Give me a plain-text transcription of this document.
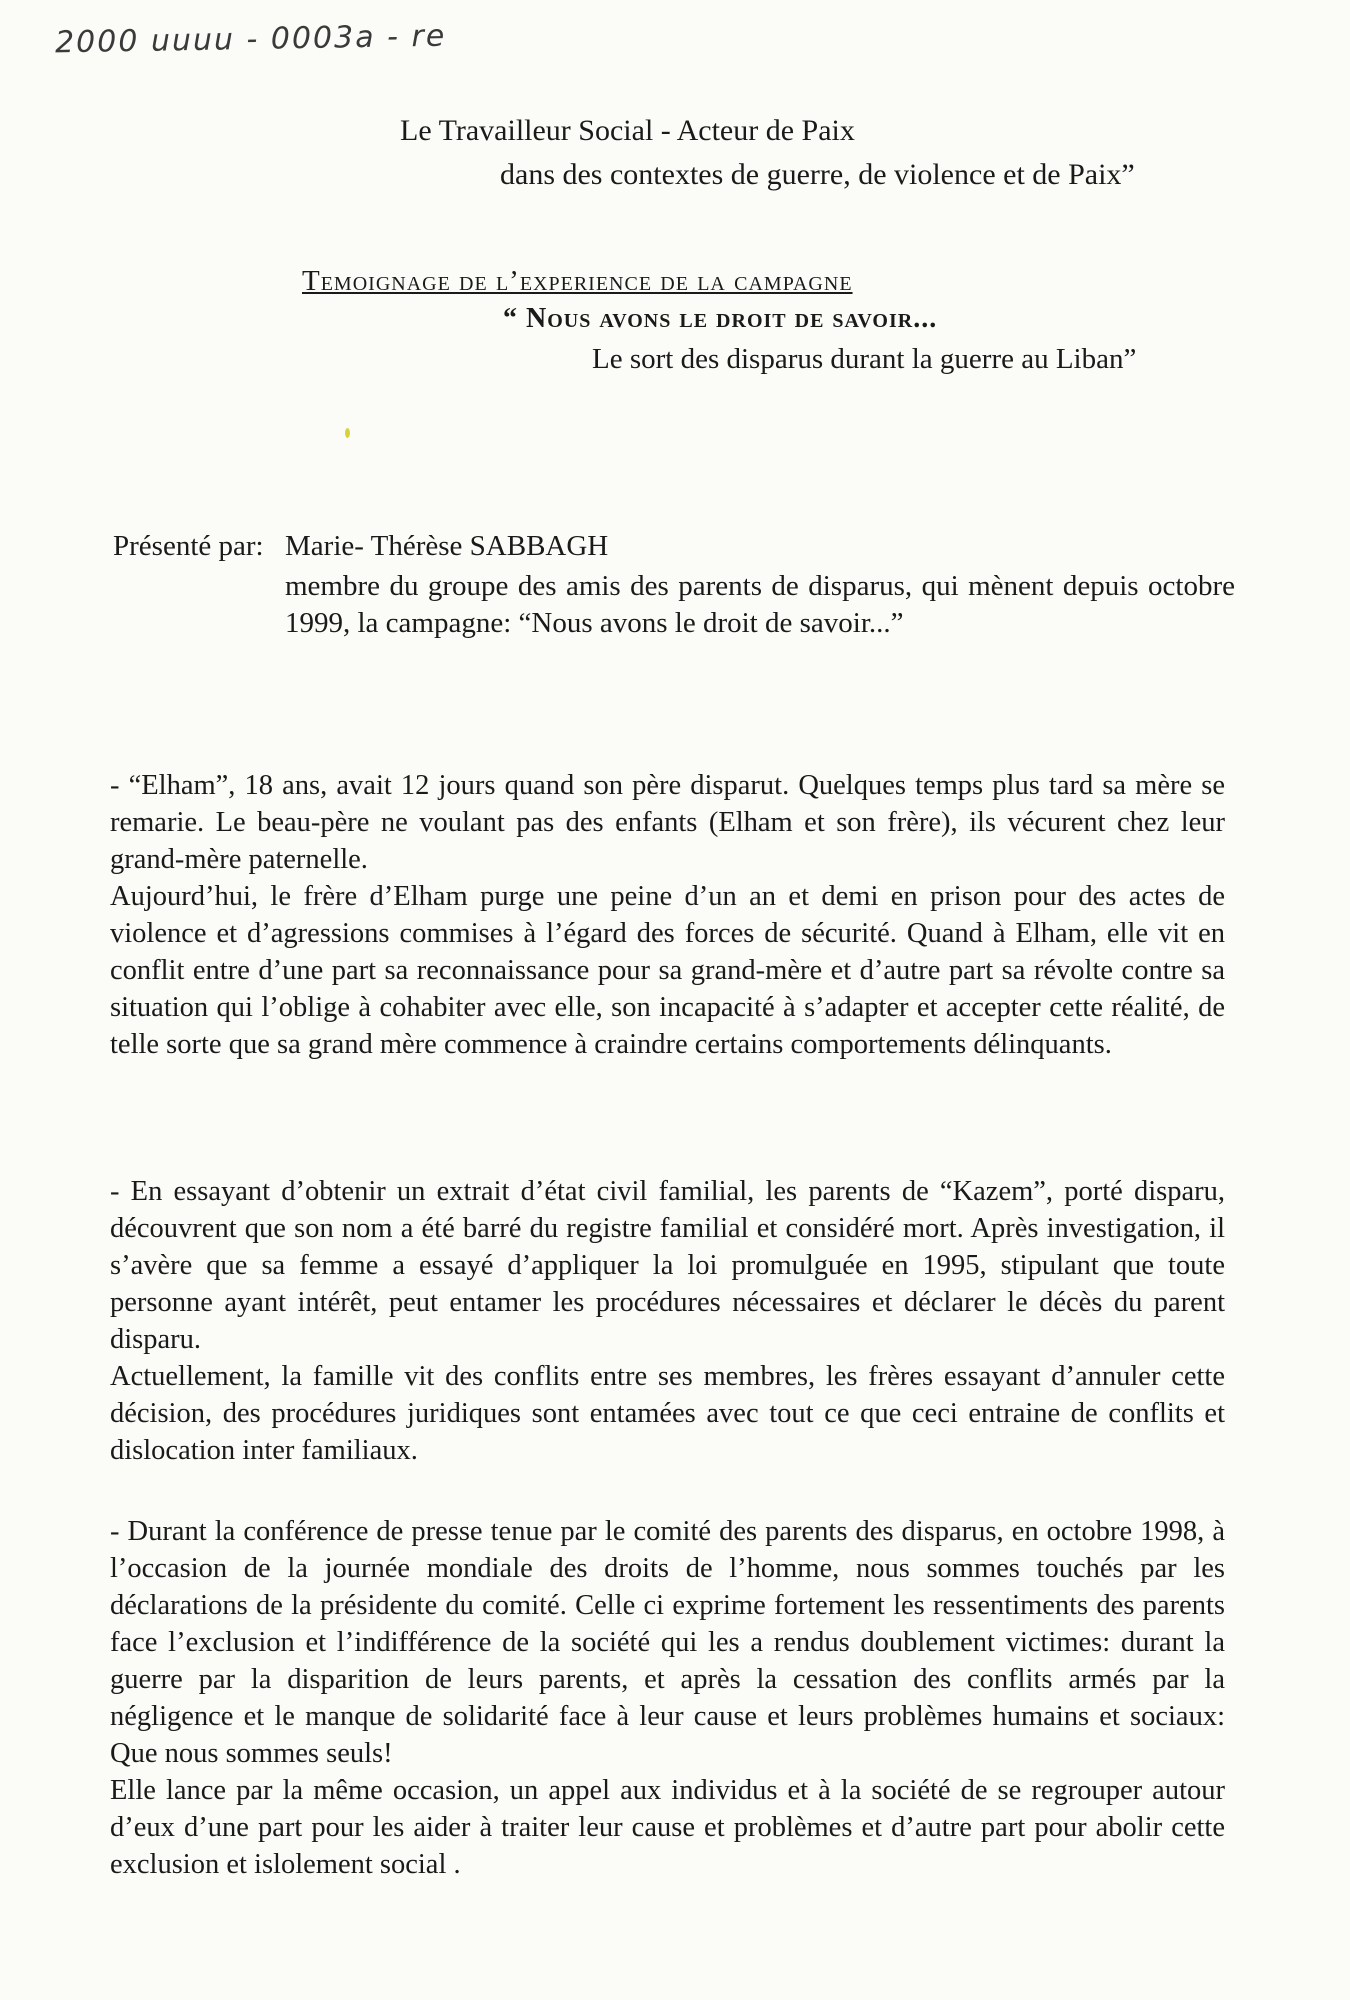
2000 uuuu - 0003a - re
Le Travailleur Social - Acteur de Paix
dans des contextes de guerre, de violence et de Paix”
Temoignage de l’experience de la campagne
“ Nous avons le droit de savoir...
Le sort des disparus durant la guerre au Liban”
Présenté par: Marie- Thérèse SABBAGH
membre du groupe des amis des parents de disparus, qui mènent depuis octobre 1999, la campagne: “Nous avons le droit de savoir...”

- “Elham”, 18 ans, avait 12 jours quand son père disparut. Quelques temps plus tard sa mère se remarie. Le beau-père ne voulant pas des enfants (Elham et son frère), ils vécurent chez leur grand-mère paternelle.

Aujourd’hui, le frère d’Elham purge une peine d’un an et demi en prison pour des actes de violence et d’agressions commises à l’égard des forces de sécurité. Quand à Elham, elle vit en conflit entre d’une part sa reconnaissance pour sa grand-mère et d’autre part sa révolte contre sa situation qui l’oblige à cohabiter avec elle, son incapacité à s’adapter et accepter cette réalité, de telle sorte que sa grand mère commence à craindre certains comportements délinquants.

- En essayant d’obtenir un extrait d’état civil familial, les parents de “Kazem”, porté disparu, découvrent que son nom a été barré du registre familial et considéré mort. Après investigation, il s’avère que sa femme a essayé d’appliquer la loi promulguée en 1995, stipulant que toute personne ayant intérêt, peut entamer les procédures nécessaires et déclarer le décès du parent disparu.

Actuellement, la famille vit des conflits entre ses membres, les frères essayant d’annuler cette décision, des procédures juridiques sont entamées avec tout ce que ceci entraine de conflits et dislocation inter familiaux.

- Durant la conférence de presse tenue par le comité des parents des disparus, en octobre 1998, à l’occasion de la journée mondiale des droits de l’homme, nous sommes touchés par les déclarations de la présidente du comité. Celle ci exprime fortement les ressentiments des parents face l’exclusion et l’indifférence de la société qui les a rendus doublement victimes: durant la guerre par la disparition de leurs parents, et après la cessation des conflits armés par la négligence et le manque de solidarité face à leur cause et leurs problèmes humains et sociaux: Que nous sommes seuls!

Elle lance par la même occasion, un appel aux individus et à la société de se regrouper autour d’eux d’une part pour les aider à traiter leur cause et problèmes et d’autre part pour abolir cette exclusion et islolement social .
